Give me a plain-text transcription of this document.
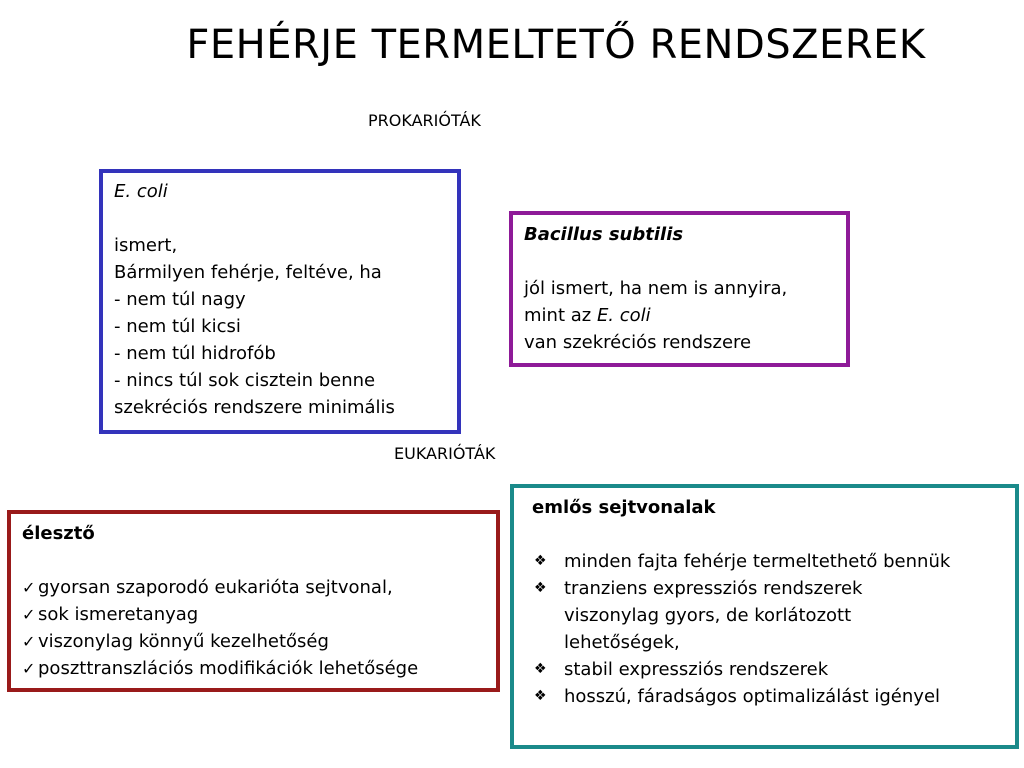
FEHÉRJE TERMELTETŐ RENDSZEREK
PROKARIÓTÁK
EUKARIÓTÁK

E. coli

ismert,

Bármilyen fehérje, feltéve, ha

- nem túl nagy

- nem túl kicsi

- nem túl hidrofób

- nincs túl sok cisztein benne

szekréciós rendszere minimális

Bacillus subtilis

jól ismert, ha nem is annyira,

mint az E. coli

van szekréciós rendszere

élesztő

✓ gyorsan szaporodó eukarióta sejtvonal,

✓ sok ismeretanyag

✓ viszonylag könnyű kezelhetőség

✓ poszttranszlációs modifikációk lehetősége

emlős sejtvonalak

❖ minden fajta fehérje termeltethető bennük

❖ tranziens expressziós rendszerek viszonylag gyors, de korlátozott lehetőségek,

❖ stabil expressziós rendszerek

❖ hosszú, fáradságos optimalizálást igényel
